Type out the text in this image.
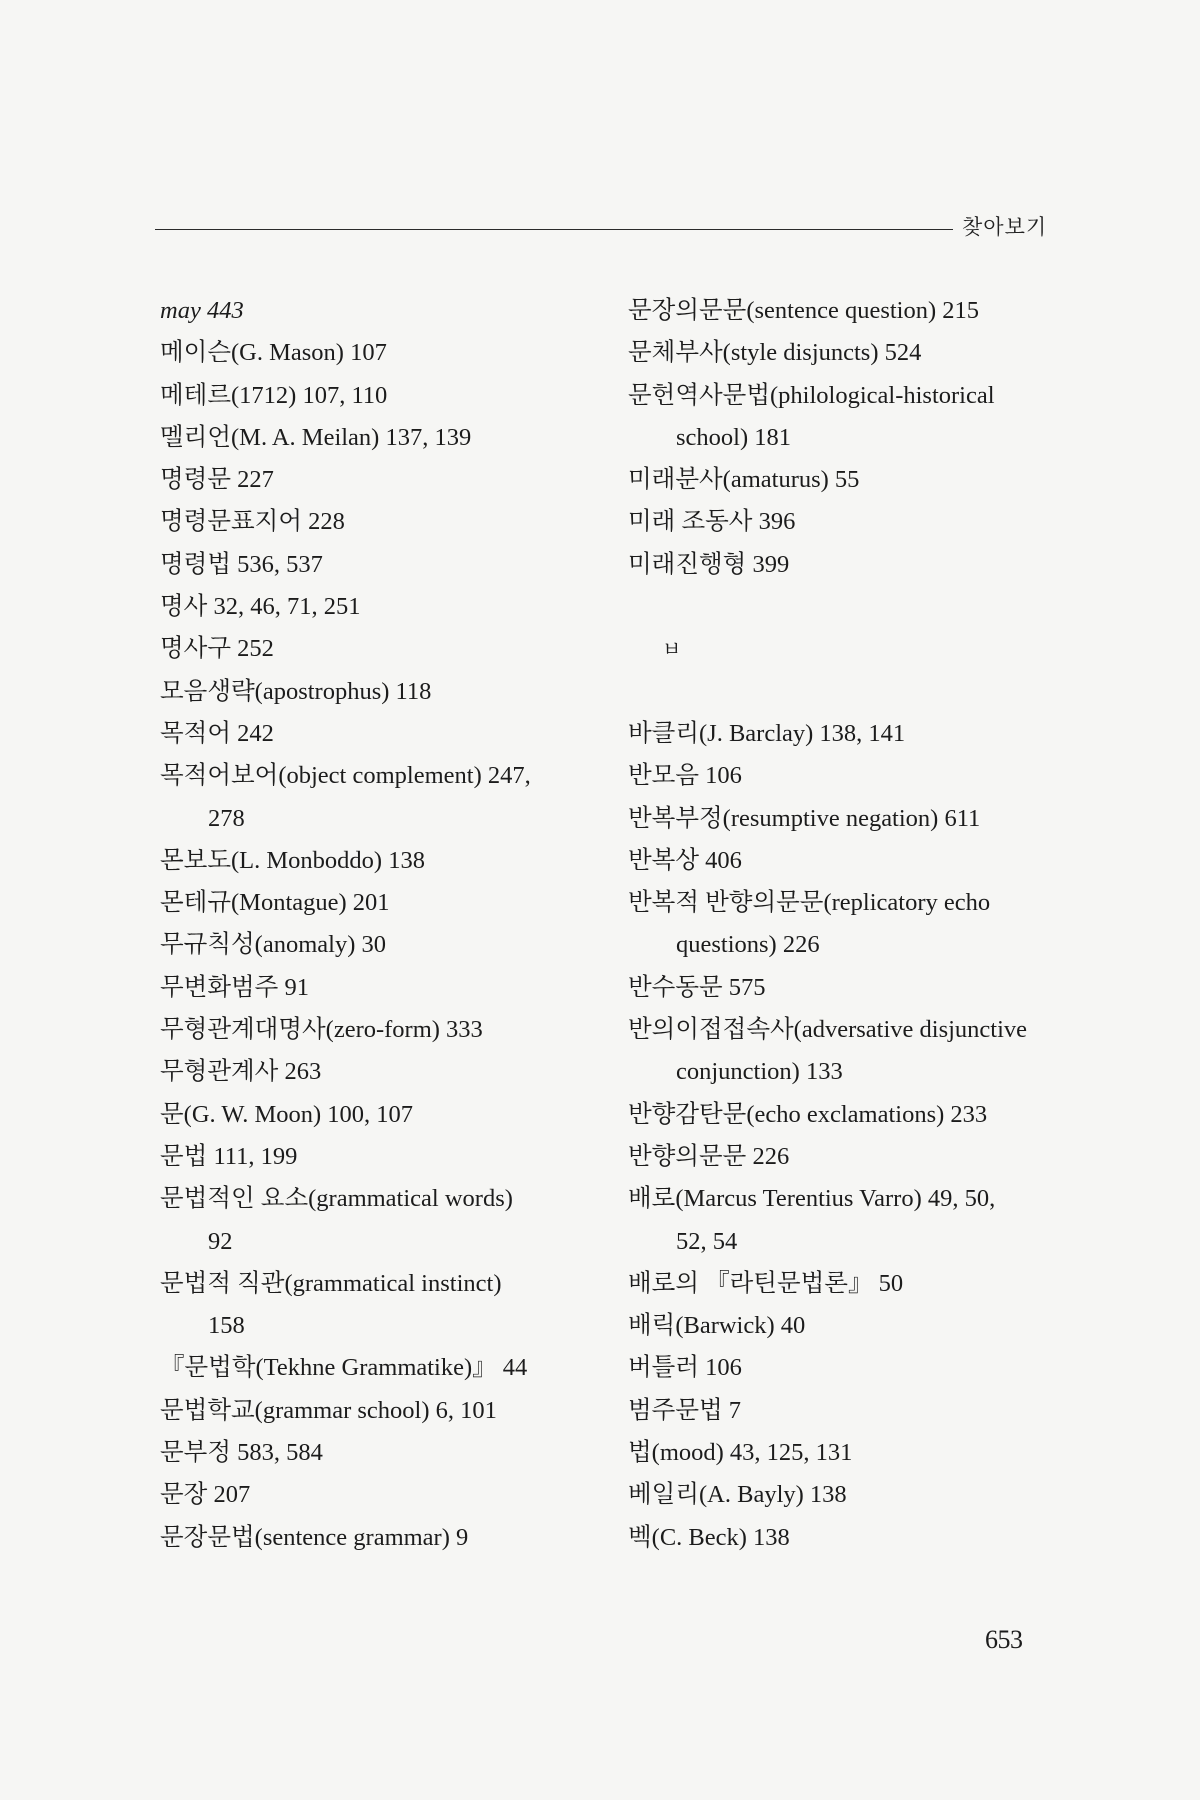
찾아보기
may 443
메이슨(G. Mason) 107
메테르(1712) 107, 110
멜리언(M. A. Meilan) 137, 139
명령문 227
명령문표지어 228
명령법 536, 537
명사 32, 46, 71, 251
명사구 252
모음생략(apostrophus) 118
목적어 242
목적어보어(object complement) 247,
278
몬보도(L. Monboddo) 138
몬테규(Montague) 201
무규칙성(anomaly) 30
무변화범주 91
무형관계대명사(zero-form) 333
무형관계사 263
문(G. W. Moon) 100, 107
문법 111, 199
문법적인 요소(grammatical words)
92
문법적 직관(grammatical instinct)
158
『문법학(Tekhne Grammatike)』 44
문법학교(grammar school) 6, 101
문부정 583, 584
문장 207
문장문법(sentence grammar) 9
문장의문문(sentence question) 215
문체부사(style disjuncts) 524
문헌역사문법(philological-historical
school) 181
미래분사(amaturus) 55
미래 조동사 396
미래진행형 399
ㅂ
바클리(J. Barclay) 138, 141
반모음 106
반복부정(resumptive negation) 611
반복상 406
반복적 반향의문문(replicatory echo
questions) 226
반수동문 575
반의이접접속사(adversative disjunctive
conjunction) 133
반향감탄문(echo exclamations) 233
반향의문문 226
배로(Marcus Terentius Varro) 49, 50,
52, 54
배로의 『라틴문법론』 50
배릭(Barwick) 40
버틀러 106
범주문법 7
법(mood) 43, 125, 131
베일리(A. Bayly) 138
벡(C. Beck) 138
653
